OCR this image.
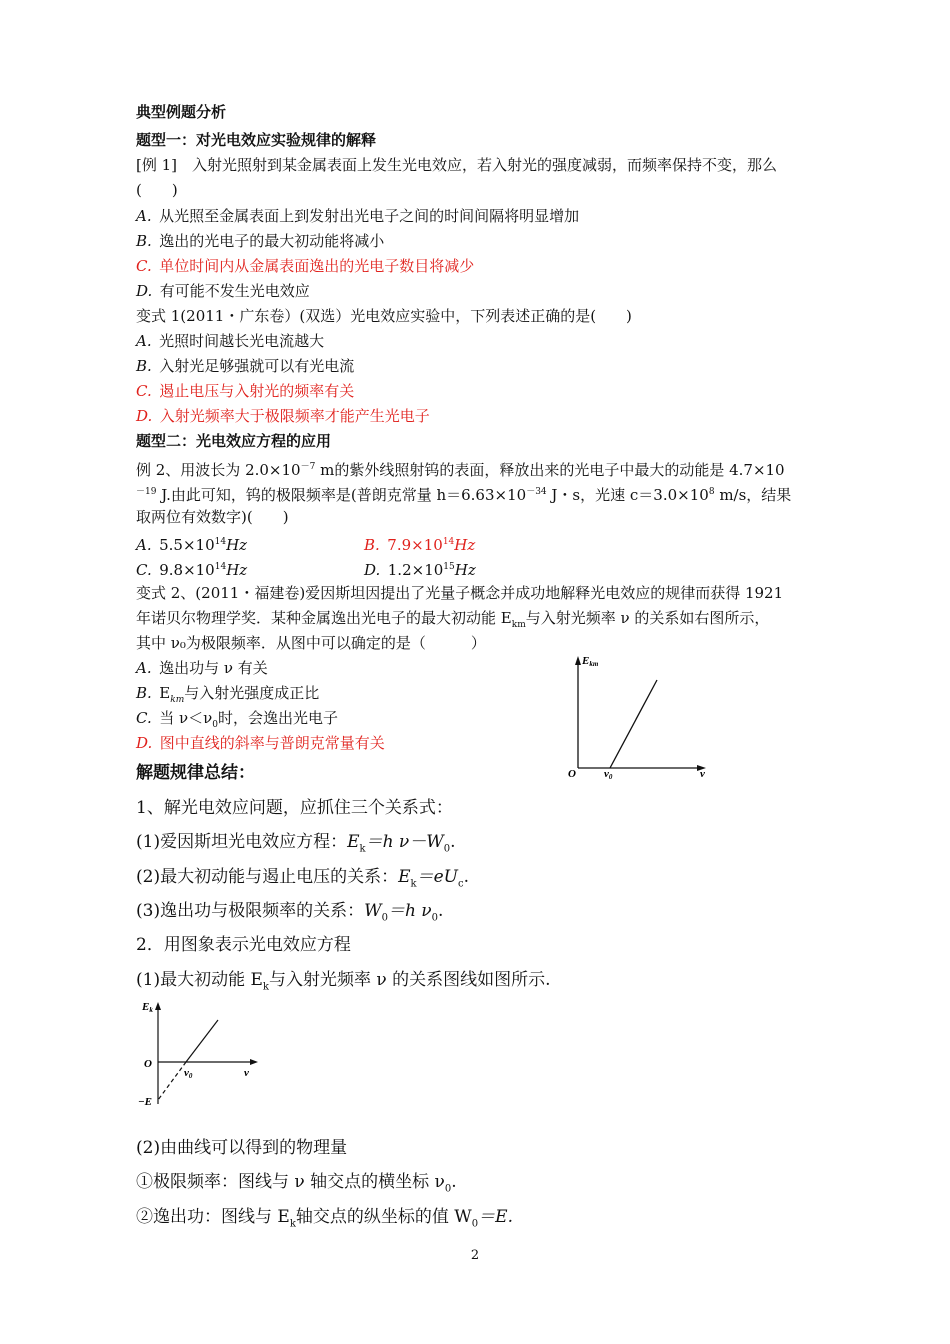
典型例题分析
题型一：对光电效应实验规律的解释
[例 1]　入射光照射到某金属表面上发生光电效应，若入射光的强度减弱，而频率保持不变，那么
(　　)
A.  从光照至金属表面上到发射出光电子之间的时间间隔将明显增加
B.  逸出的光电子的最大初动能将减小
C.  单位时间内从金属表面逸出的光电子数目将减少
D.  有可能不发生光电效应
变式 1(2011・广东卷）(双选）光电效应实验中，下列表述正确的是(　　)
A.  光照时间越长光电流越大
B.  入射光足够强就可以有光电流
C.  遏止电压与入射光的频率有关
D.  入射光频率大于极限频率才能产生光电子
题型二：光电效应方程的应用
例 2、用波长为 $2.0\times 10^{-7}$ m的紫外线照射钨的表面，释放出来的光电子中最大的动能是 4.7×10
$^{-19}$ J.由此可知，钨的极限频率是(普朗克常量 $h=6.63\times 10^{-34}$ J・s，光速 $c=3.0\times 10^8$ m/s，结果
取两位有效数字)(　　)
A.  $5.5\times 10^{14}Hz$	B.  $7.9\times 10^{14}Hz$
C.  $9.8\times 10^{14}Hz$	D.  $1.2\times 10^{15}Hz$
变式 2、(2011・福建卷)爱因斯坦因提出了光量子概念并成功地解释光电效应的规律而获得 1921
年诺贝尔物理学奖．某种金属逸出光电子的最大初动能 $E_{km}$与入射光频率 ν 的关系如右图所示，
其中 ν₀为极限频率．从图中可以确定的是（　　　）
A.  逸出功与 ν 有关
B.  $E_{km}$与入射光强度成正比
C.  当 $\nu<\nu_0$时，会逸出光电子
D.  图中直线的斜率与普朗克常量有关
Ekm
O	ν0	ν
解题规律总结：
1、解光电效应问题，应抓住三个关系式：
(1)爱因斯坦光电效应方程：$E_k=h$ $\nu-W_0$.
(2)最大初动能与遏止电压的关系：$E_k=eU_c$.
(3)逸出功与极限频率的关系：$W_0=h$ $\nu_0$.
2．用图象表示光电效应方程
(1)最大初动能 $E_k$与入射光频率 ν 的关系图线如图所示.
Ek
O
ν0	ν
−E
(2)由曲线可以得到的物理量
①极限频率：图线与 ν 轴交点的横坐标 $\nu_0$.
②逸出功：图线与 $E_k$轴交点的纵坐标的值 $W_0=E$.
2
